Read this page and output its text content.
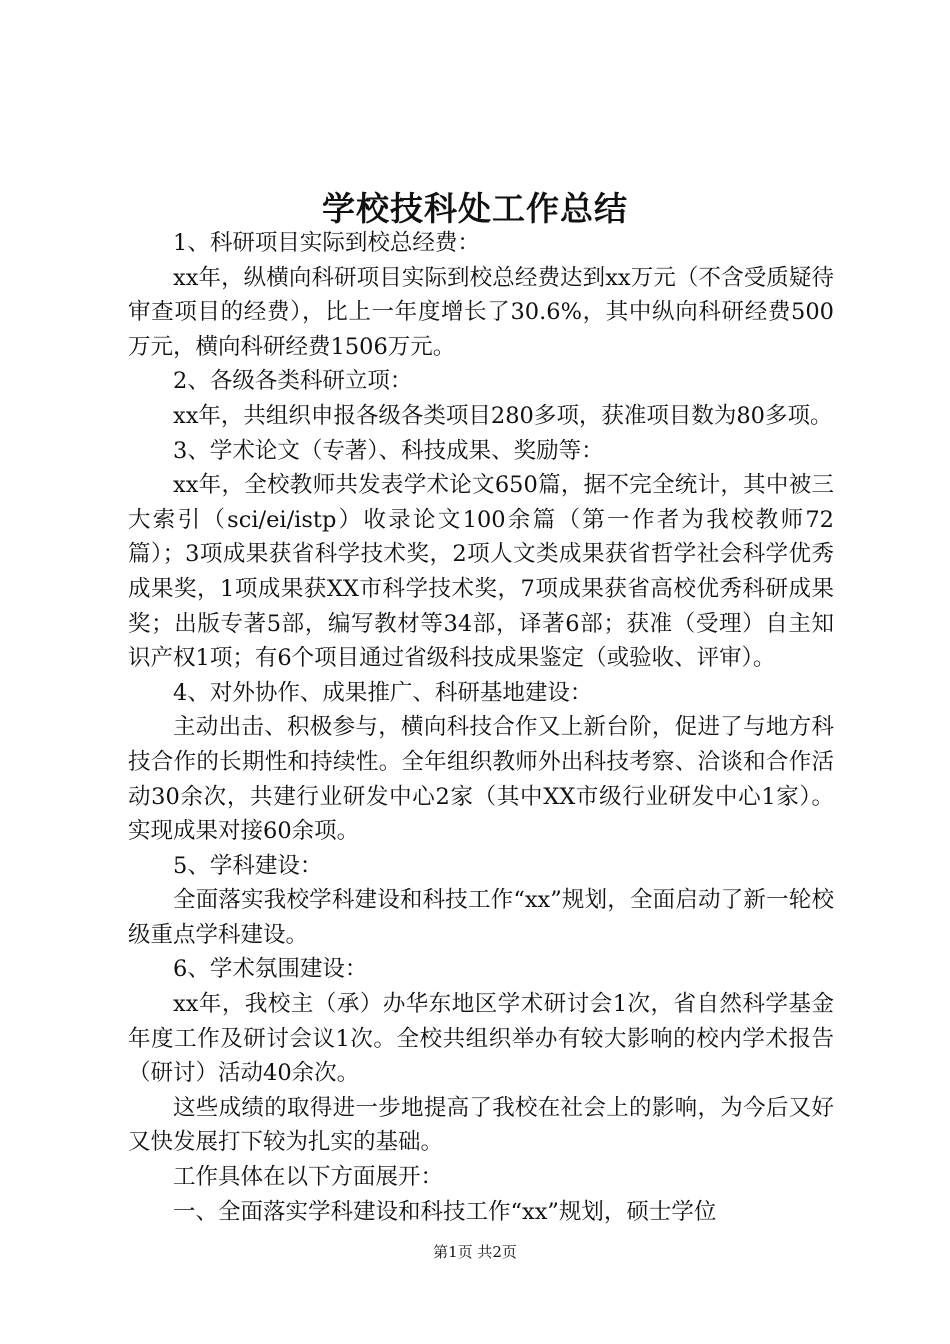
学校技科处工作总结

1、科研项目实际到校总经费：

xx年，纵横向科研项目实际到校总经费达到xx万元（不含受质疑待审查项目的经费），比上一年度增长了30.6%，其中纵向科研经费500万元，横向科研经费1506万元。

2、各级各类科研立项：

xx年，共组织申报各级各类项目280多项，获准项目数为80多项。

3、学术论文（专著）、科技成果、奖励等：

xx年，全校教师共发表学术论文650篇，据不完全统计，其中被三大索引（sci/ei/istp）收录论文100余篇（第一作者为我校教师72篇）；3项成果获省科学技术奖，2项人文类成果获省哲学社会科学优秀成果奖，1项成果获XX市科学技术奖，7项成果获省高校优秀科研成果奖；出版专著5部，编写教材等34部，译著6部；获准（受理）自主知识产权1项；有6个项目通过省级科技成果鉴定（或验收、评审）。

4、对外协作、成果推广、科研基地建设：

主动出击、积极参与，横向科技合作又上新台阶，促进了与地方科技合作的长期性和持续性。全年组织教师外出科技考察、洽谈和合作活动30余次，共建行业研发中心2家（其中XX市级行业研发中心1家）。实现成果对接60余项。

5、学科建设：

全面落实我校学科建设和科技工作“xx”规划，全面启动了新一轮校级重点学科建设。

6、学术氛围建设：

xx年，我校主（承）办华东地区学术研讨会1次，省自然科学基金年度工作及研讨会议1次。全校共组织举办有较大影响的校内学术报告（研讨）活动40余次。

这些成绩的取得进一步地提高了我校在社会上的影响，为今后又好又快发展打下较为扎实的基础。

工作具体在以下方面展开：

一、全面落实学科建设和科技工作“xx”规划，硕士学位

第1页 共2页
